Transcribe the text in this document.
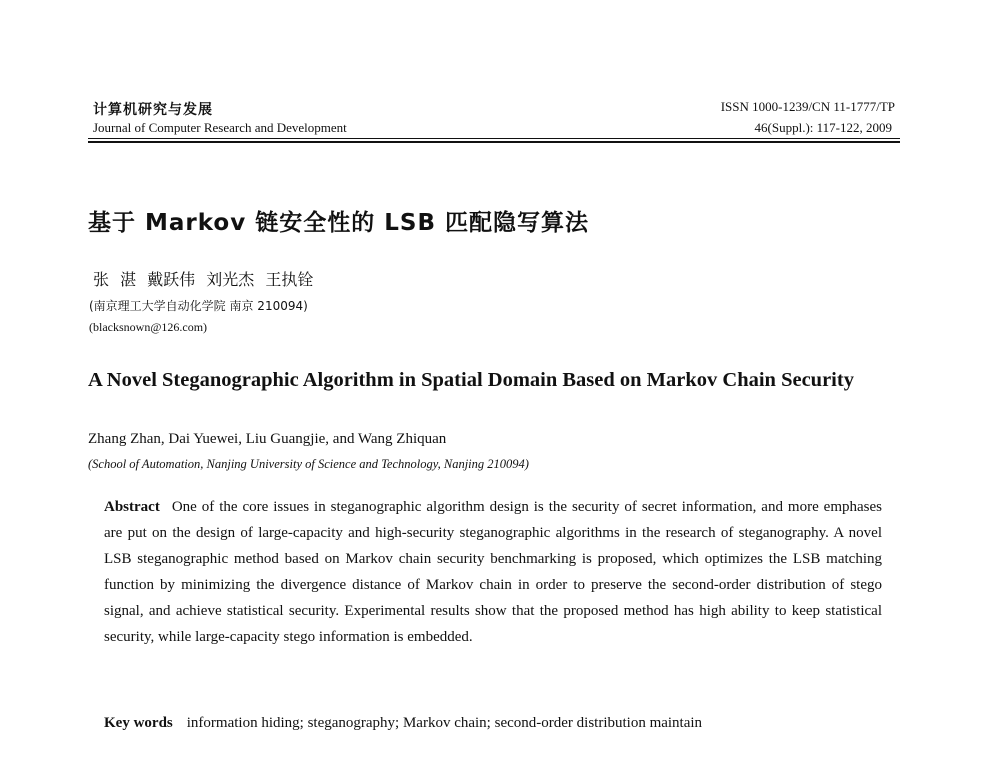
计算机研究与发展
Journal of Computer Research and Development
ISSN 1000-1239/CN 11-1777/TP
46(Suppl.): 117-122, 2009
基于 Markov 链安全性的 LSB 匹配隐写算法
张 湛 戴跃伟 刘光杰 王执铨
(南京理工大学自动化学院 南京 210094)
(blacksnown@126.com)
A Novel Steganographic Algorithm in Spatial Domain Based on Markov Chain Security
Zhang Zhan, Dai Yuewei, Liu Guangjie, and Wang Zhiquan
(School of Automation, Nanjing University of Science and Technology, Nanjing 210094)
Abstract One of the core issues in steganographic algorithm design is the security of secret information, and more emphases are put on the design of large-capacity and high-security steganographic algorithms in the research of steganography. A novel LSB steganographic method based on Markov chain security benchmarking is proposed, which optimizes the LSB matching function by minimizing the divergence distance of Markov chain in order to preserve the second-order distribution of stego signal, and achieve statistical security. Experimental results show that the proposed method has high ability to keep statistical security, while large-capacity stego information is embedded.
Key words information hiding; steganography; Markov chain; second-order distribution maintain
